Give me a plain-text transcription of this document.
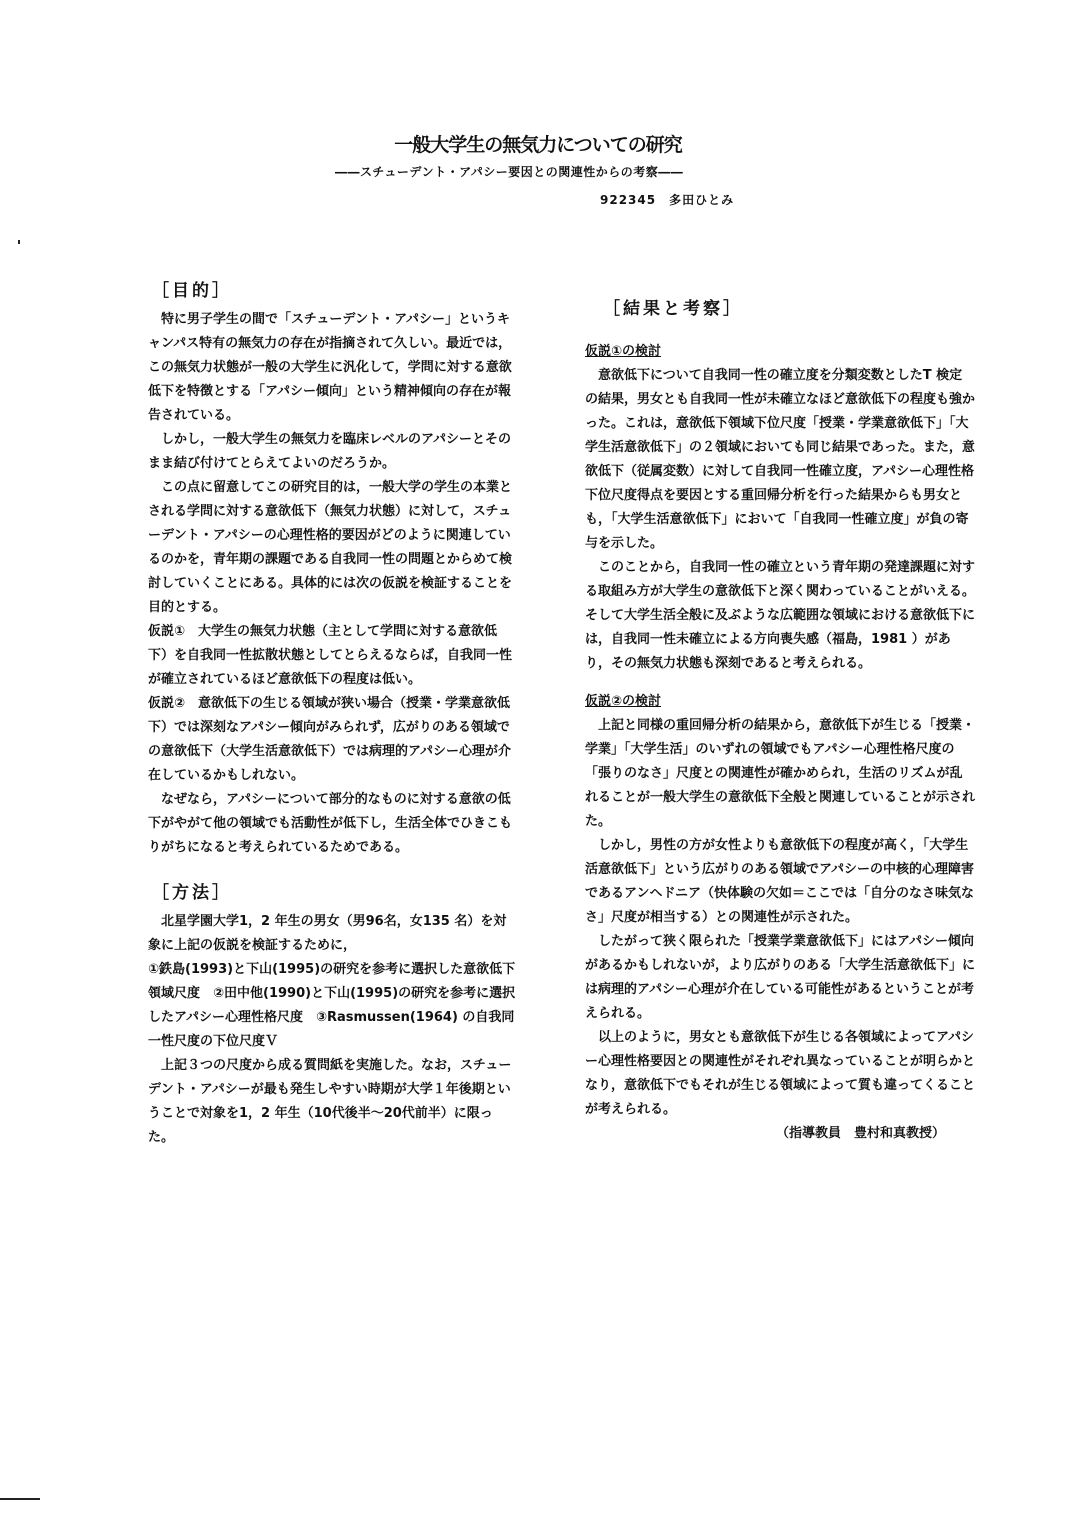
一般大学生の無気力についての研究
――スチューデント・アパシー要因との関連性からの考察――
922345　多田ひとみ
［目的］

特に男子学生の間で「スチューデント・アパシー」というキャンパス特有の無気力の存在が指摘されて久しい。最近では，この無気力状態が一般の大学生に汎化して，学問に対する意欲低下を特徴とする「アパシー傾向」という精神傾向の存在が報告されている。

しかし，一般大学生の無気力を臨床レベルのアパシーとそのまま結び付けてとらえてよいのだろうか。

この点に留意してこの研究目的は，一般大学の学生の本業とされる学問に対する意欲低下（無気力状態）に対して，スチューデント・アパシーの心理性格的要因がどのように関連しているのかを，青年期の課題である自我同一性の問題とからめて検討していくことにある。具体的には次の仮説を検証することを目的とする。

仮説①　大学生の無気力状態（主として学問に対する意欲低下）を自我同一性拡散状態としてとらえるならば，自我同一性が確立されているほど意欲低下の程度は低い。

仮説②　意欲低下の生じる領域が狭い場合（授業・学業意欲低下）では深刻なアパシー傾向がみられず，広がりのある領域での意欲低下（大学生活意欲低下）では病理的アパシー心理が介在しているかもしれない。

なぜなら，アパシーについて部分的なものに対する意欲の低下がやがて他の領域でも活動性が低下し，生活全体でひきこもりがちになると考えられているためである。

［方法］

北星学園大学1，2 年生の男女（男96名，女135 名）を対象に上記の仮説を検証するために，

①鉄島(1993)と下山(1995)の研究を参考に選択した意欲低下領域尺度　②田中他(1990)と下山(1995)の研究を参考に選択したアパシー心理性格尺度　③Rasmussen(1964) の自我同一性尺度の下位尺度Ｖ

上記３つの尺度から成る質問紙を実施した。なお，スチューデント・アパシーが最も発生しやすい時期が大学１年後期ということで対象を1，2 年生（10代後半～20代前半）に限った。

［結果と考察］
仮説①の検討

意欲低下について自我同一性の確立度を分類変数としたT 検定の結果，男女とも自我同一性が未確立なほど意欲低下の程度も強かった。これは，意欲低下領域下位尺度「授業・学業意欲低下」「大学生活意欲低下」の２領域においても同じ結果であった。また，意欲低下（従属変数）に対して自我同一性確立度，アパシー心理性格下位尺度得点を要因とする重回帰分析を行った結果からも男女とも，「大学生活意欲低下」において「自我同一性確立度」が負の寄与を示した。

このことから，自我同一性の確立という青年期の発達課題に対する取組み方が大学生の意欲低下と深く関わっていることがいえる。そして大学生活全般に及ぶような広範囲な領域における意欲低下には，自我同一性未確立による方向喪失感（福島，1981 ）があり，その無気力状態も深刻であると考えられる。

仮説②の検討

上記と同様の重回帰分析の結果から，意欲低下が生じる「授業・学業」「大学生活」のいずれの領域でもアパシー心理性格尺度の「張りのなさ」尺度との関連性が確かめられ，生活のリズムが乱れることが一般大学生の意欲低下全般と関連していることが示された。

しかし，男性の方が女性よりも意欲低下の程度が高く，「大学生活意欲低下」という広がりのある領域でアパシーの中核的心理障害であるアンヘドニア（快体験の欠如＝ここでは「自分のなさ味気なさ」尺度が相当する）との関連性が示された。

したがって狭く限られた「授業学業意欲低下」にはアパシー傾向があるかもしれないが，より広がりのある「大学生活意欲低下」には病理的アパシー心理が介在している可能性があるということが考えられる。

以上のように，男女とも意欲低下が生じる各領域によってアパシー心理性格要因との関連性がそれぞれ異なっていることが明らかとなり，意欲低下でもそれが生じる領域によって質も違ってくることが考えられる。

（指導教員　豊村和真教授）
